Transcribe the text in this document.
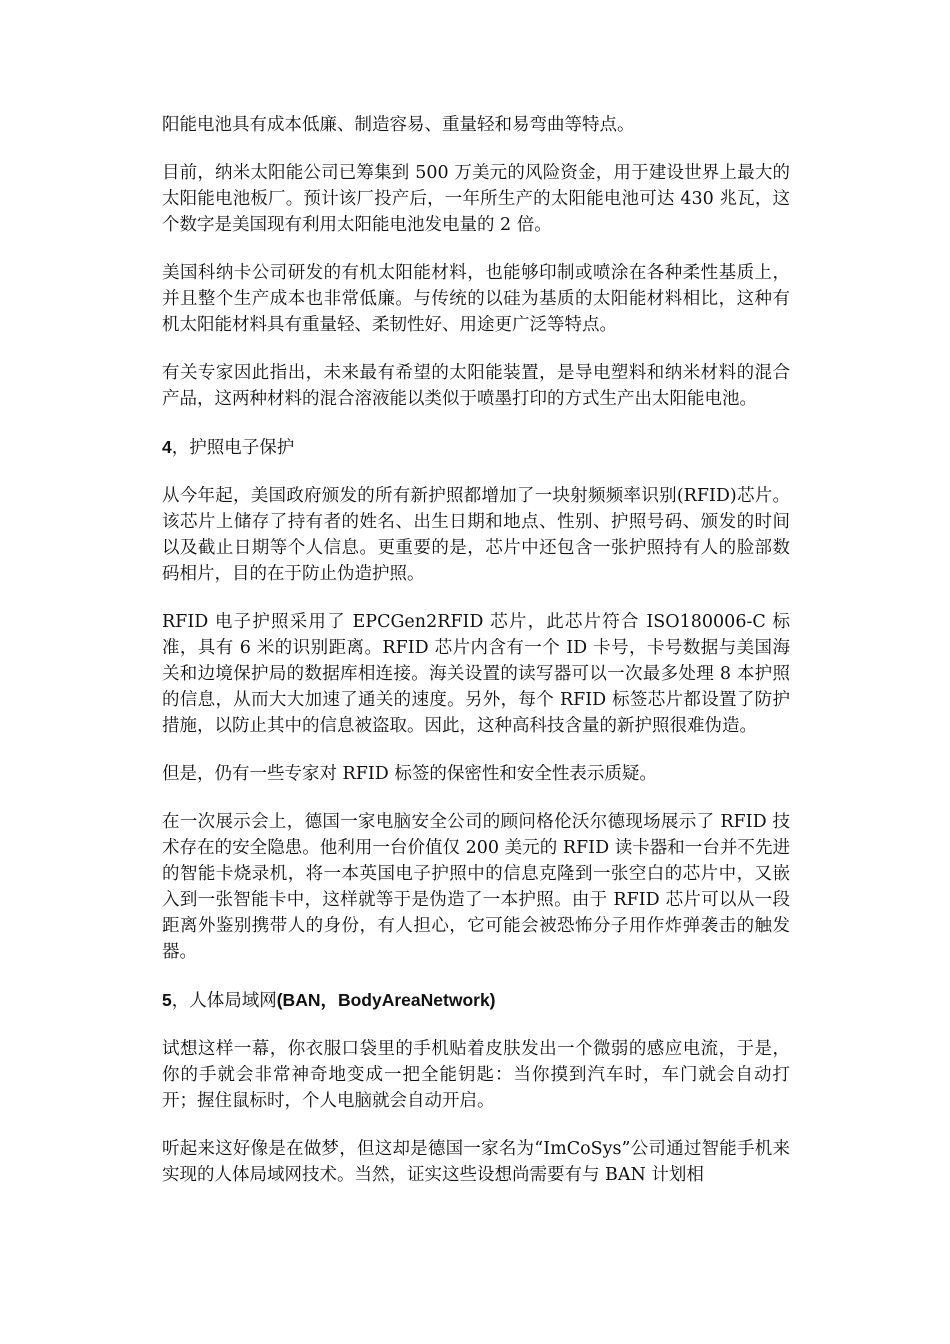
阳能电池具有成本低廉、制造容易、重量轻和易弯曲等特点。

目前，纳米太阳能公司已筹集到 500 万美元的风险资金，用于建设世界上最大的太阳能电池板厂。预计该厂投产后，一年所生产的太阳能电池可达 430 兆瓦，这个数字是美国现有利用太阳能电池发电量的 2 倍。

美国科纳卡公司研发的有机太阳能材料，也能够印制或喷涂在各种柔性基质上，并且整个生产成本也非常低廉。与传统的以硅为基质的太阳能材料相比，这种有机太阳能材料具有重量轻、柔韧性好、用途更广泛等特点。

有关专家因此指出，未来最有希望的太阳能装置，是导电塑料和纳米材料的混合产品，这两种材料的混合溶液能以类似于喷墨打印的方式生产出太阳能电池。

4，护照电子保护

从今年起，美国政府颁发的所有新护照都增加了一块射频频率识别(RFID)芯片。该芯片上储存了持有者的姓名、出生日期和地点、性别、护照号码、颁发的时间以及截止日期等个人信息。更重要的是，芯片中还包含一张护照持有人的脸部数码相片，目的在于防止伪造护照。

RFID 电子护照采用了 EPCGen2RFID 芯片，此芯片符合 ISO180006-C 标准，具有 6 米的识别距离。RFID 芯片内含有一个 ID 卡号，卡号数据与美国海关和边境保护局的数据库相连接。海关设置的读写器可以一次最多处理 8 本护照的信息，从而大大加速了通关的速度。另外，每个 RFID 标签芯片都设置了防护措施，以防止其中的信息被盗取。因此，这种高科技含量的新护照很难伪造。

但是，仍有一些专家对 RFID 标签的保密性和安全性表示质疑。

在一次展示会上，德国一家电脑安全公司的顾问格伦沃尔德现场展示了 RFID 技术存在的安全隐患。他利用一台价值仅 200 美元的 RFID 读卡器和一台并不先进的智能卡烧录机，将一本英国电子护照中的信息克隆到一张空白的芯片中，又嵌入到一张智能卡中，这样就等于是伪造了一本护照。由于 RFID 芯片可以从一段距离外鉴别携带人的身份，有人担心，它可能会被恐怖分子用作炸弹袭击的触发器。

5，人体局域网(BAN，BodyAreaNetwork)

试想这样一幕，你衣服口袋里的手机贴着皮肤发出一个微弱的感应电流，于是，你的手就会非常神奇地变成一把全能钥匙：当你摸到汽车时，车门就会自动打开；握住鼠标时，个人电脑就会自动开启。

听起来这好像是在做梦，但这却是德国一家名为“ImCoSys”公司通过智能手机来实现的人体局域网技术。当然，证实这些设想尚需要有与 BAN 计划相
